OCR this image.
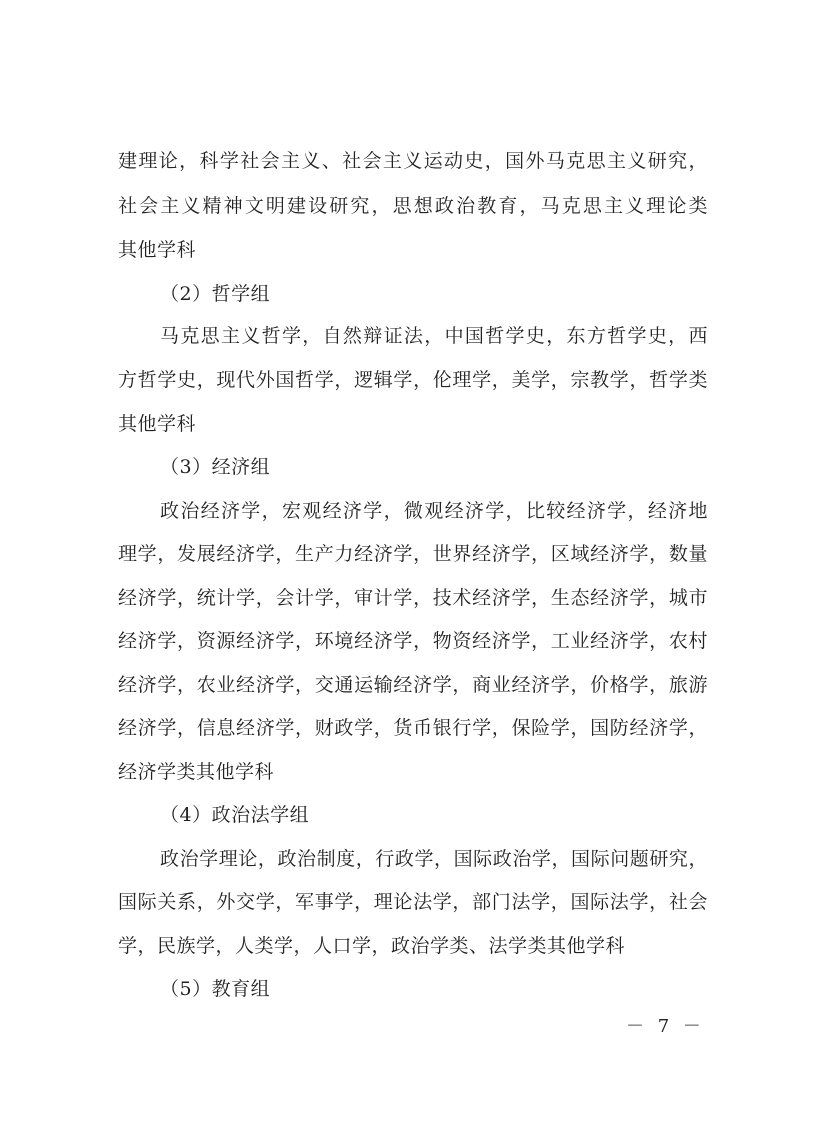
建理论，科学社会主义、社会主义运动史，国外马克思主义研究，
社会主义精神文明建设研究，思想政治教育，马克思主义理论类
其他学科
（2）哲学组
马克思主义哲学，自然辩证法，中国哲学史，东方哲学史，西
方哲学史，现代外国哲学，逻辑学，伦理学，美学，宗教学，哲学类
其他学科
（3）经济组
政治经济学，宏观经济学，微观经济学，比较经济学，经济地
理学，发展经济学，生产力经济学，世界经济学，区域经济学，数量
经济学，统计学，会计学，审计学，技术经济学，生态经济学，城市
经济学，资源经济学，环境经济学，物资经济学，工业经济学，农村
经济学，农业经济学，交通运输经济学，商业经济学，价格学，旅游
经济学，信息经济学，财政学，货币银行学，保险学，国防经济学，
经济学类其他学科
（4）政治法学组
政治学理论，政治制度，行政学，国际政治学，国际问题研究，
国际关系，外交学，军事学，理论法学，部门法学，国际法学，社会
学，民族学，人类学，人口学，政治学类、法学类其他学科
（5）教育组
－ 7 －
